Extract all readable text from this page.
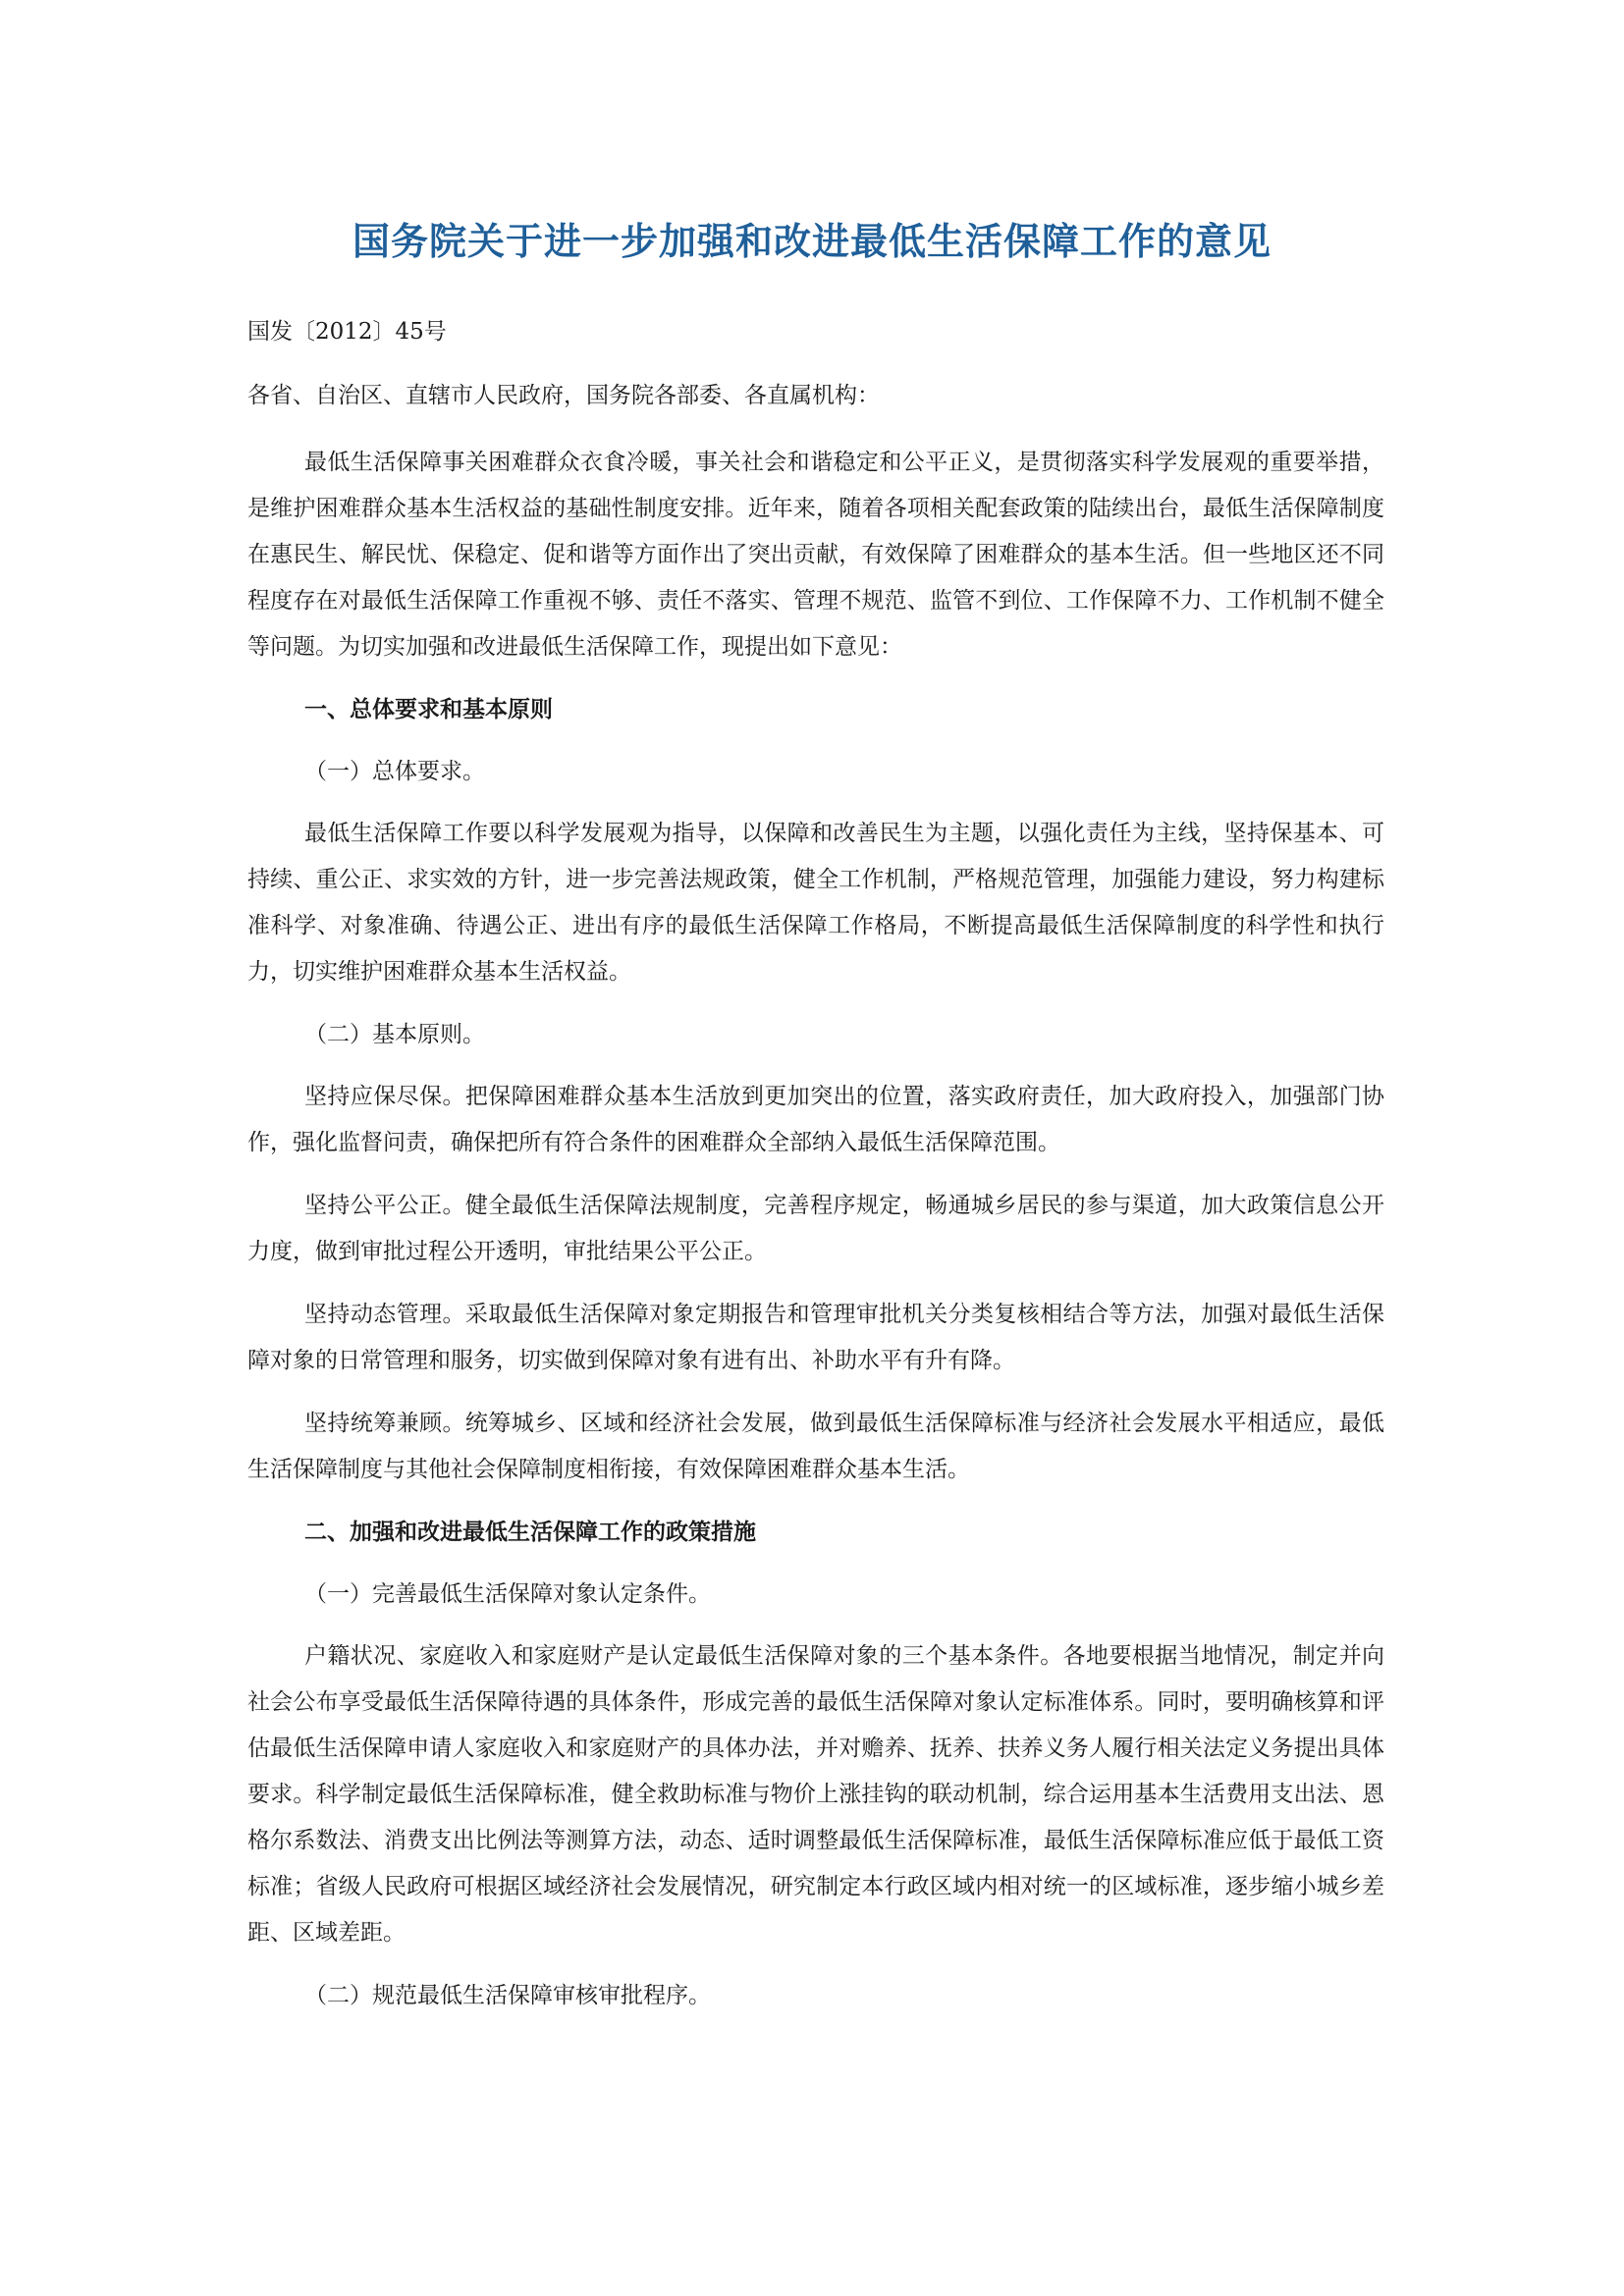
国务院关于进一步加强和改进最低生活保障工作的意见

国发〔2012〕45号

各省、自治区、直辖市人民政府，国务院各部委、各直属机构：

最低生活保障事关困难群众衣食冷暖，事关社会和谐稳定和公平正义，是贯彻落实科学发展观的重要举措，是维护困难群众基本生活权益的基础性制度安排。近年来，随着各项相关配套政策的陆续出台，最低生活保障制度在惠民生、解民忧、保稳定、促和谐等方面作出了突出贡献，有效保障了困难群众的基本生活。但一些地区还不同程度存在对最低生活保障工作重视不够、责任不落实、管理不规范、监管不到位、工作保障不力、工作机制不健全等问题。为切实加强和改进最低生活保障工作，现提出如下意见：

一、总体要求和基本原则

（一）总体要求。

最低生活保障工作要以科学发展观为指导，以保障和改善民生为主题，以强化责任为主线，坚持保基本、可持续、重公正、求实效的方针，进一步完善法规政策，健全工作机制，严格规范管理，加强能力建设，努力构建标准科学、对象准确、待遇公正、进出有序的最低生活保障工作格局，不断提高最低生活保障制度的科学性和执行力，切实维护困难群众基本生活权益。

（二）基本原则。

坚持应保尽保。把保障困难群众基本生活放到更加突出的位置，落实政府责任，加大政府投入，加强部门协作，强化监督问责，确保把所有符合条件的困难群众全部纳入最低生活保障范围。

坚持公平公正。健全最低生活保障法规制度，完善程序规定，畅通城乡居民的参与渠道，加大政策信息公开力度，做到审批过程公开透明，审批结果公平公正。

坚持动态管理。采取最低生活保障对象定期报告和管理审批机关分类复核相结合等方法，加强对最低生活保障对象的日常管理和服务，切实做到保障对象有进有出、补助水平有升有降。

坚持统筹兼顾。统筹城乡、区域和经济社会发展，做到最低生活保障标准与经济社会发展水平相适应，最低生活保障制度与其他社会保障制度相衔接，有效保障困难群众基本生活。

二、加强和改进最低生活保障工作的政策措施

（一）完善最低生活保障对象认定条件。

户籍状况、家庭收入和家庭财产是认定最低生活保障对象的三个基本条件。各地要根据当地情况，制定并向社会公布享受最低生活保障待遇的具体条件，形成完善的最低生活保障对象认定标准体系。同时，要明确核算和评估最低生活保障申请人家庭收入和家庭财产的具体办法，并对赡养、抚养、扶养义务人履行相关法定义务提出具体要求。科学制定最低生活保障标准，健全救助标准与物价上涨挂钩的联动机制，综合运用基本生活费用支出法、恩格尔系数法、消费支出比例法等测算方法，动态、适时调整最低生活保障标准，最低生活保障标准应低于最低工资标准；省级人民政府可根据区域经济社会发展情况，研究制定本行政区域内相对统一的区域标准，逐步缩小城乡差距、区域差距。

（二）规范最低生活保障审核审批程序。
